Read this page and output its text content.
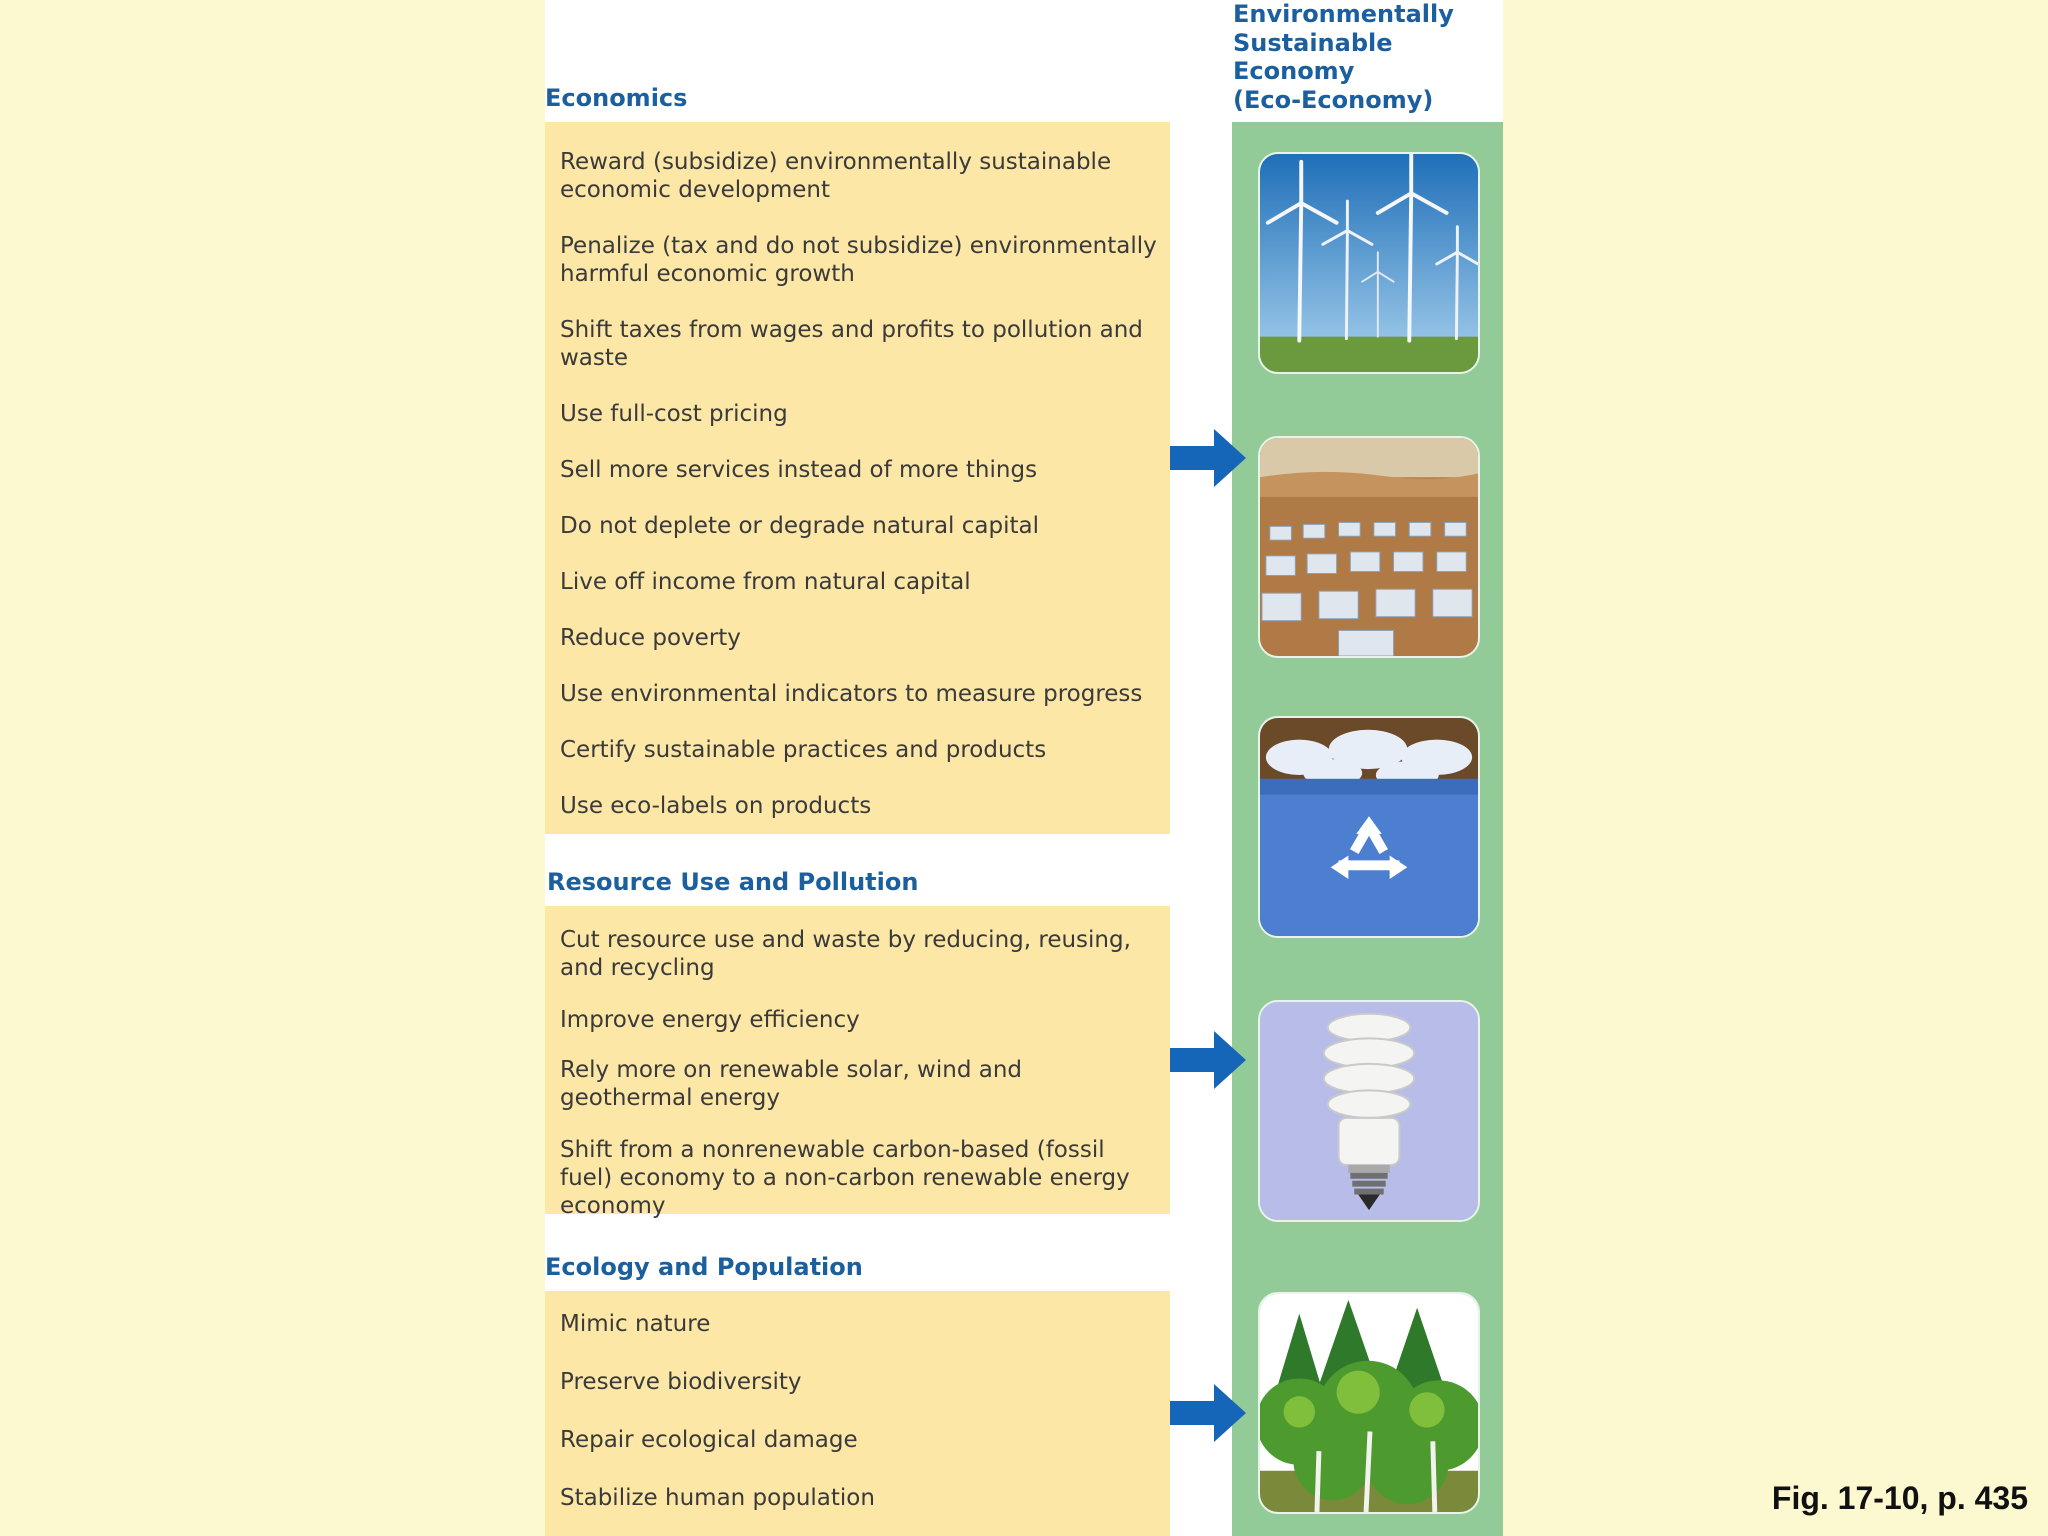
Economics
Reward (subsidize) environmentally sustainable economic development
Penalize (tax and do not subsidize) environmentally harmful economic growth
Shift taxes from wages and profits to pollution and waste
Use full-cost pricing
Sell more services instead of more things
Do not deplete or degrade natural capital
Live off income from natural capital
Reduce poverty
Use environmental indicators to measure progress
Certify sustainable practices and products
Use eco-labels on products
Resource Use and Pollution
Cut resource use and waste by reducing, reusing, and recycling
Improve energy efficiency
Rely more on renewable solar, wind and geothermal energy
Shift from a nonrenewable carbon-based (fossil fuel) economy to a non-carbon renewable energy economy
Ecology and Population
Mimic nature
Preserve biodiversity
Repair ecological damage
Stabilize human population
Environmentally
Sustainable
Economy
(Eco-Economy)
Fig. 17-10, p. 435
